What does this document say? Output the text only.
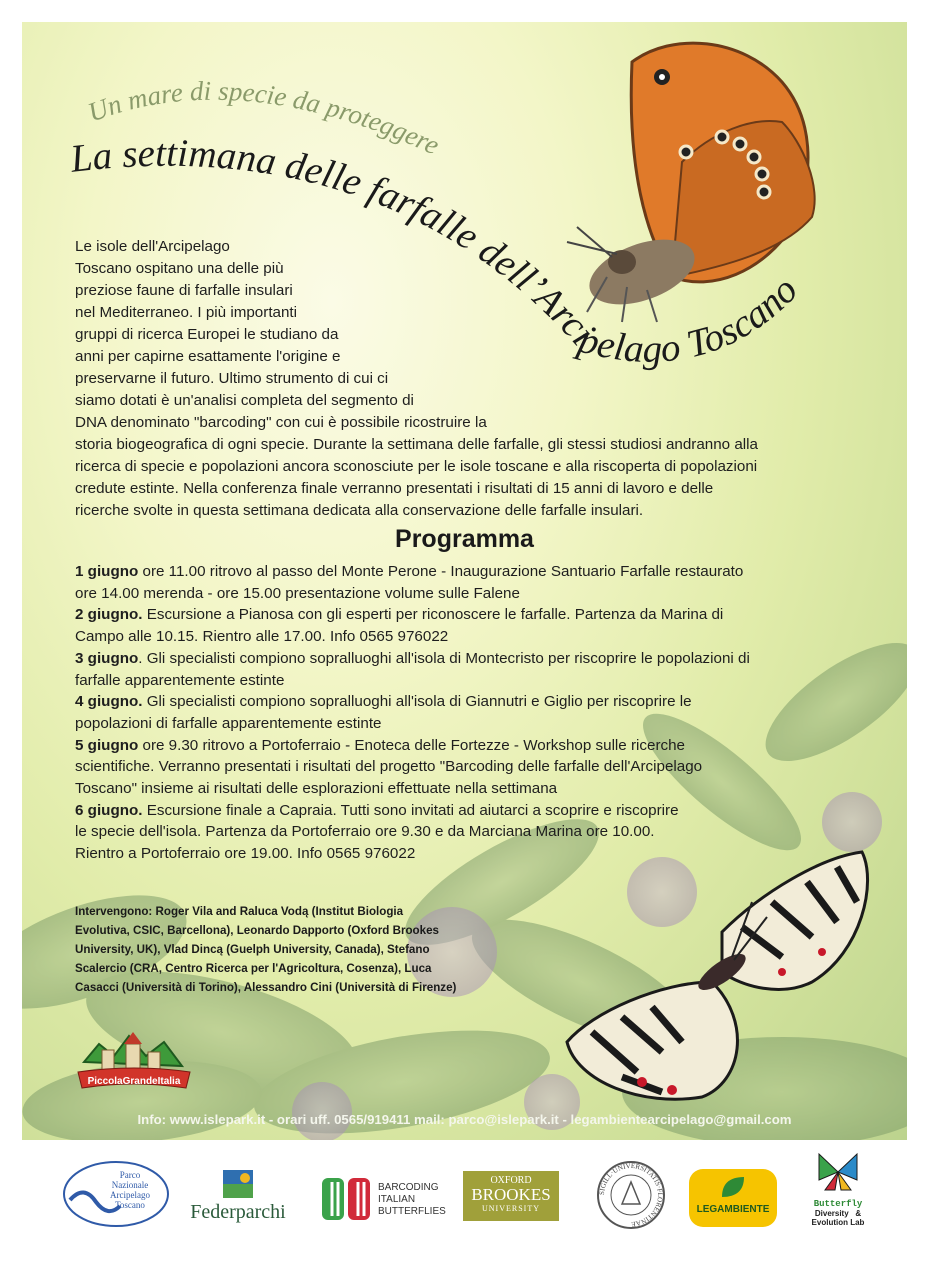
Un mare di specie da proteggere
La settimana delle farfalle dell’Arcipelago Toscano

Le isole dell'Arcipelago

Toscano ospitano una delle più

preziose faune di farfalle insulari

nel Mediterraneo. I più importanti

gruppi di ricerca Europei le studiano da

anni per capirne esattamente l'origine e

preservarne il futuro. Ultimo strumento di cui ci

siamo dotati è un'analisi completa del segmento di

DNA denominato "barcoding" con cui è possibile ricostruire la

storia biogeografica di ogni specie. Durante la settimana delle farfalle, gli stessi studiosi andranno alla

ricerca di specie e popolazioni ancora sconosciute per le isole toscane e alla riscoperta di popolazioni

credute estinte. Nella conferenza finale verranno presentati i risultati di 15 anni di lavoro e delle

ricerche svolte in questa settimana dedicata alla conservazione delle farfalle insulari.

Programma

1 giugno ore 11.00 ritrovo al passo del Monte Perone - Inaugurazione Santuario Farfalle restaurato

ore 14.00 merenda - ore 15.00 presentazione volume sulle Falene

2 giugno. Escursione a Pianosa con gli esperti per riconoscere le farfalle. Partenza da Marina di

Campo alle 10.15. Rientro alle 17.00. Info 0565 976022

3 giugno. Gli specialisti compiono sopralluoghi all'isola di Montecristo per riscoprire le popolazioni di

farfalle apparentemente estinte

4 giugno. Gli specialisti compiono sopralluoghi all'isola di Giannutri e Giglio per riscoprire le

popolazioni di farfalle apparentemente estinte

5 giugno ore 9.30 ritrovo a Portoferraio - Enoteca delle Fortezze - Workshop sulle ricerche

scientifiche. Verranno presentati i risultati del progetto "Barcoding delle farfalle dell'Arcipelago

Toscano" insieme ai risultati delle esplorazioni effettuate nella settimana

6 giugno. Escursione finale a Capraia. Tutti sono invitati ad aiutarci a scoprire e riscoprire

le specie dell'isola. Partenza da Portoferraio ore 9.30 e da Marciana Marina ore 10.00.

Rientro a Portoferraio ore 19.00. Info 0565 976022

Intervengono: Roger Vila and Raluca Vodą (Institut Biologia

Evolutiva, CSIC, Barcellona), Leonardo Dapporto (Oxford Brookes

University, UK), Vlad Dincą (Guelph University, Canada), Stefano

Scalercio (CRA, Centro Ricerca per l'Agricoltura, Cosenza), Luca

Casacci (Università di Torino), Alessandro Cini (Università di Firenze)

PiccolaGrandeItalia
Info: www.islepark.it - orari uff. 0565/919411 mail: parco@islepark.it - legambientearcipelago@gmail.com
Parco
Nazionale
Arcipelago
Toscano	Federparchi
BARCODING
ITALIAN
BUTTERFLIES
OXFORD
BROOKES
UNIVERSITY
SIGILL·UNIVERSITATIS·FLORENTINAE
LEGAMBIENTE	Butterfly
Diversity   &
Evolution Lab
